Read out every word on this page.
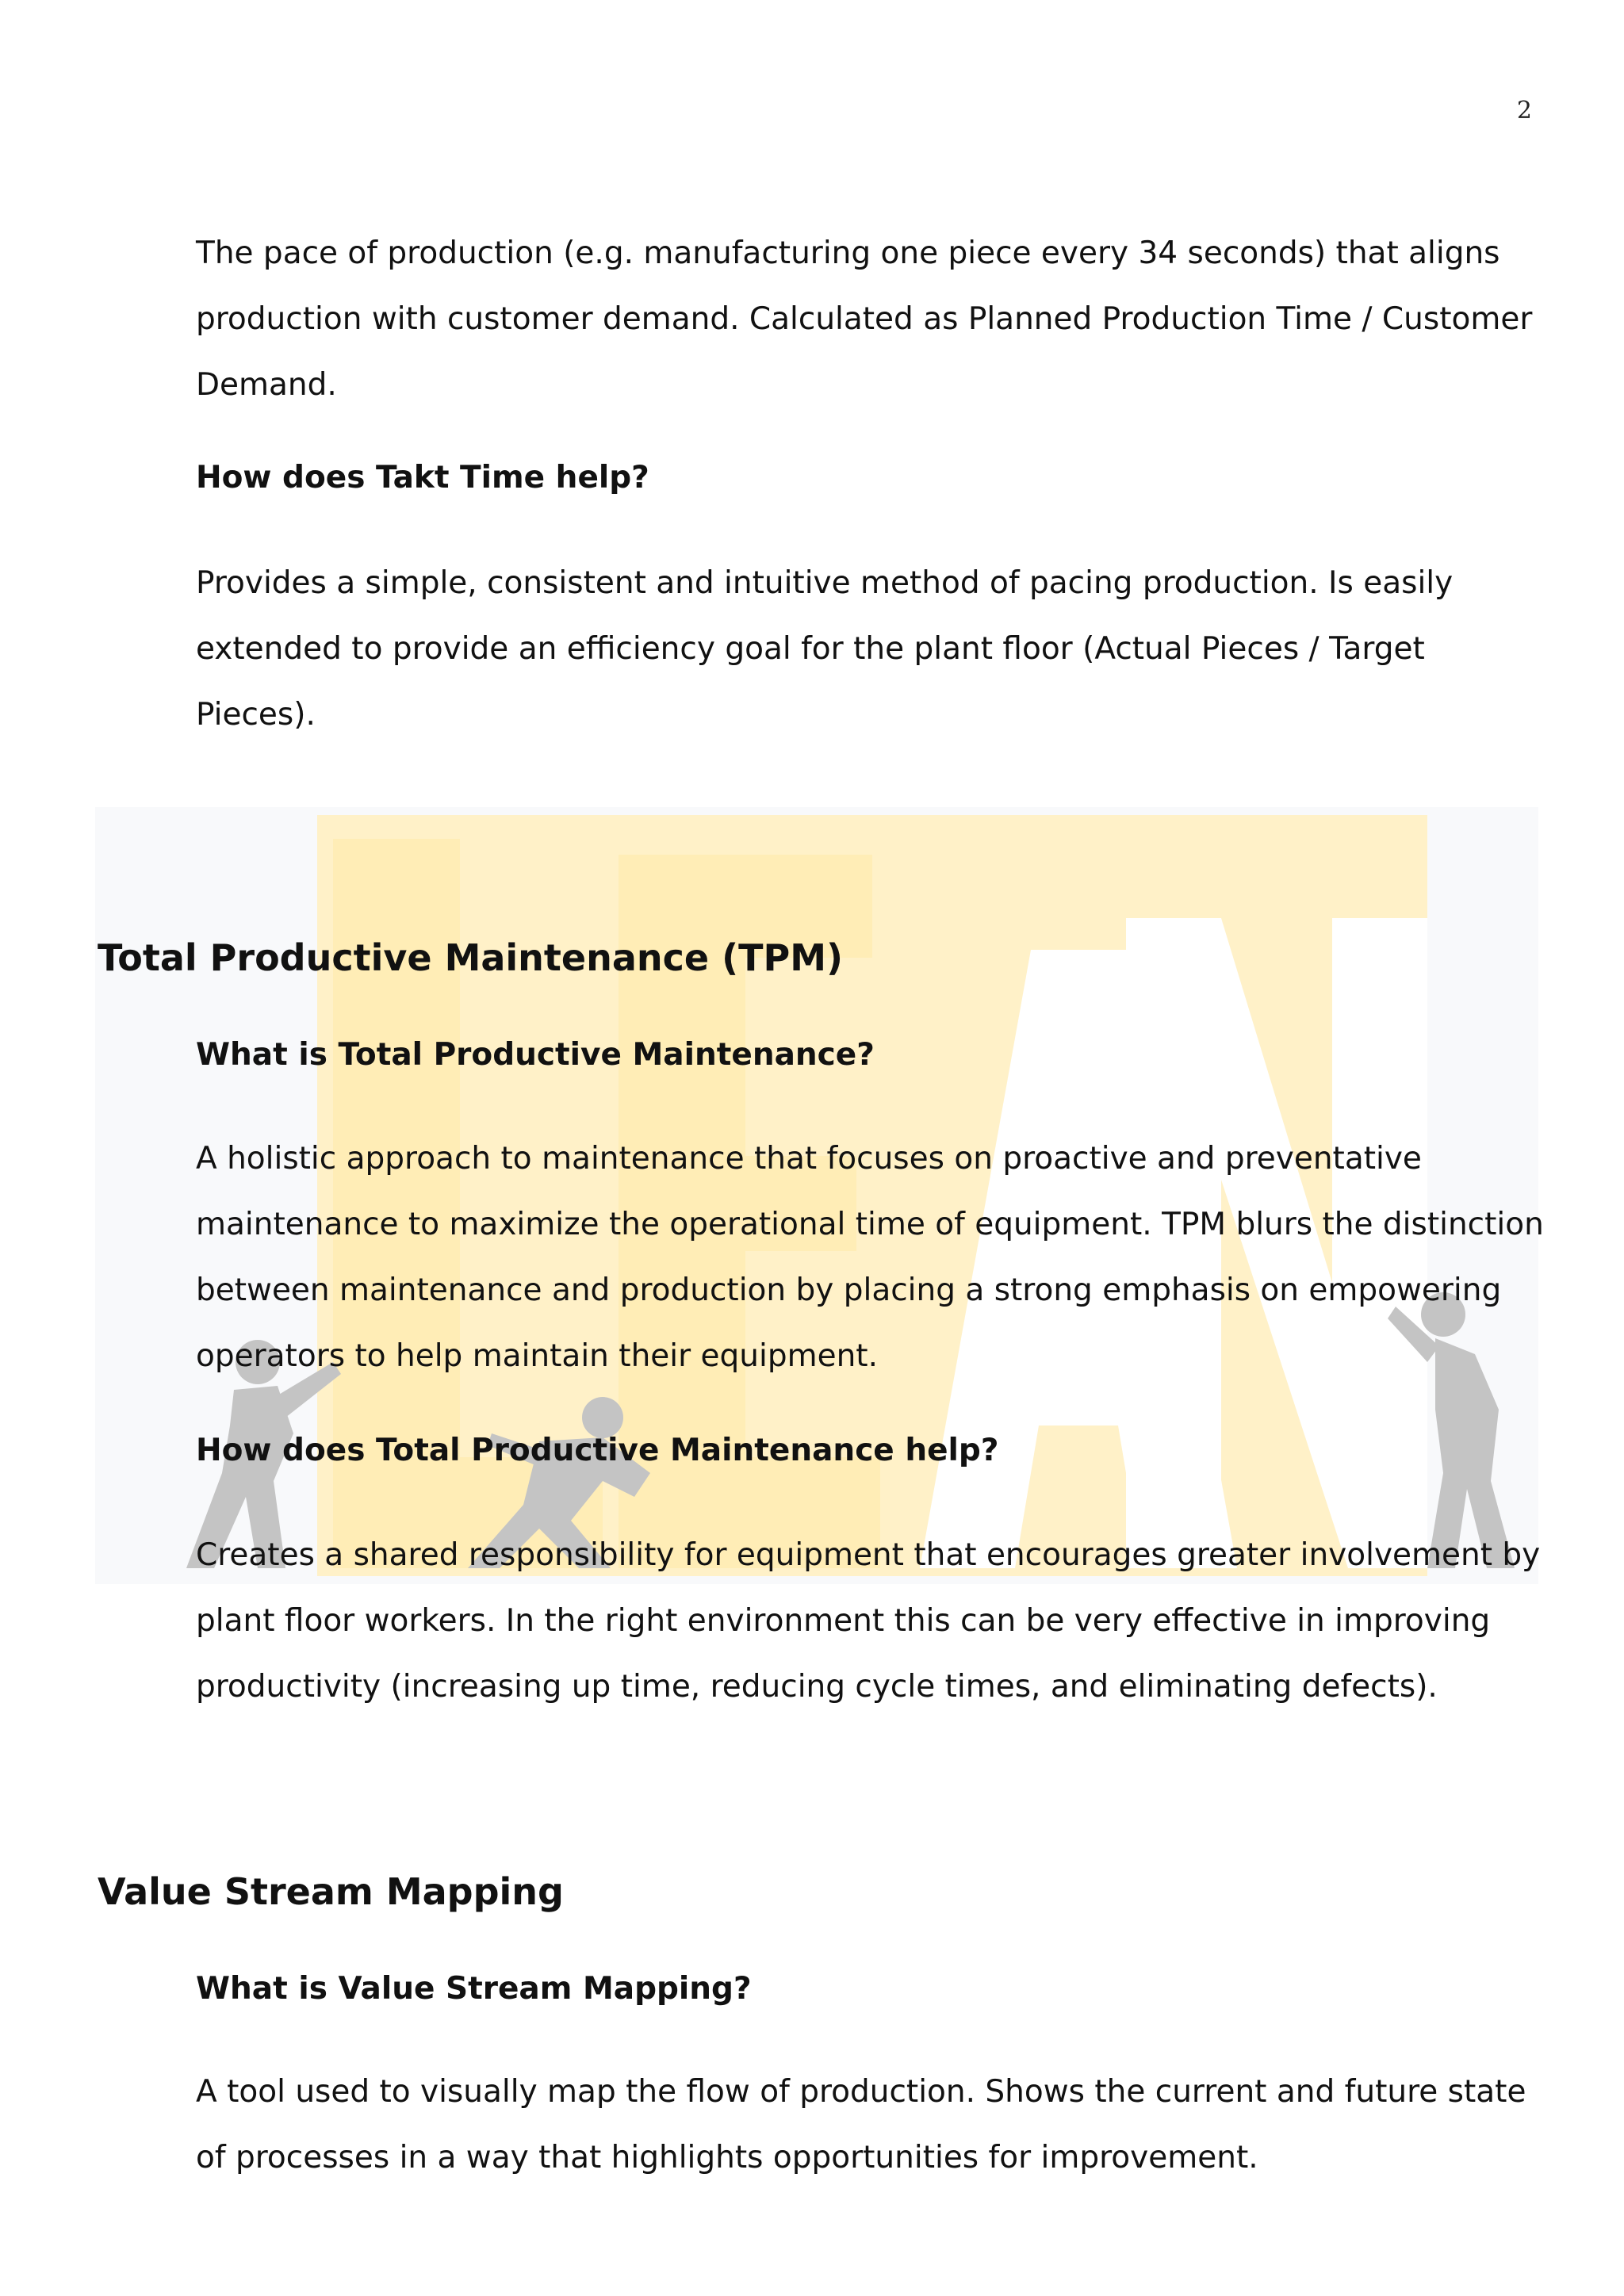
2

The pace of production (e.g. manufacturing one piece every 34 seconds) that aligns production with customer demand. Calculated as Planned Production Time / Customer Demand.

How does Takt Time help?

Provides a simple, consistent and intuitive method of pacing production. Is easily extended to provide an efficiency goal for the plant floor (Actual Pieces / Target Pieces).

Total Productive Maintenance (TPM)

What is Total Productive Maintenance?

A holistic approach to maintenance that focuses on proactive and preventative maintenance to maximize the operational time of equipment. TPM blurs the distinction between maintenance and production by placing a strong emphasis on empowering operators to help maintain their equipment.

How does Total Productive Maintenance help?

Creates a shared responsibility for equipment that encourages greater involvement by plant floor workers. In the right environment this can be very effective in improving productivity (increasing up time, reducing cycle times, and eliminating defects).

Value Stream Mapping

What is Value Stream Mapping?

A tool used to visually map the flow of production. Shows the current and future state of processes in a way that highlights opportunities for improvement.
